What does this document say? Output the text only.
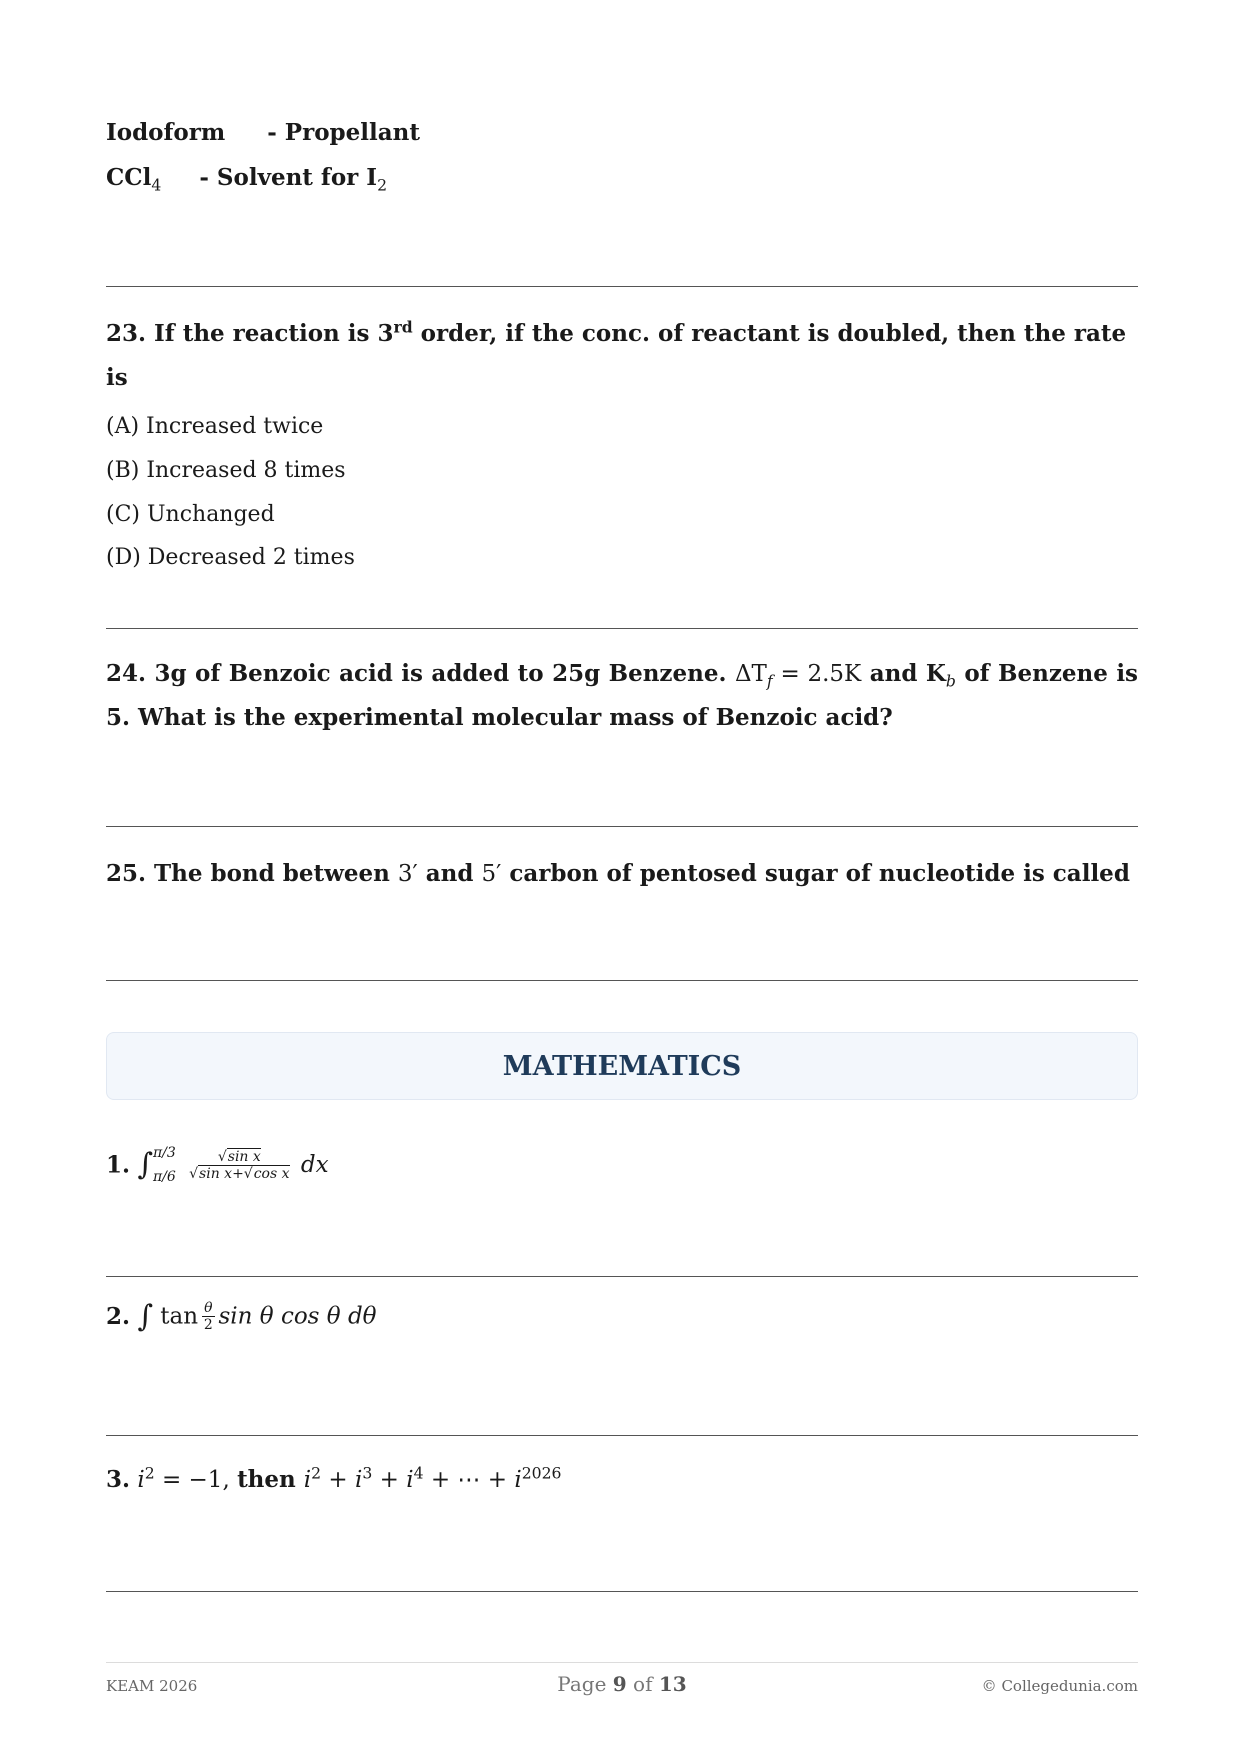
Iodoform - Propellant
CCl$_4$ - Solvent for $I_2$
23. If the reaction is 3rd order, if the conc. of reactant is doubled, then the rate is
(A) Increased twice
(B) Increased 8 times
(C) Unchanged
(D) Decreased 2 times
24. 3g of Benzoic acid is added to 25g Benzene. $\Delta T_f = 2.5K$ and $K_b$ of Benzene is 5. What is the experimental molecular mass of Benzoic acid?
25. The bond between 3′ and 5′ carbon of pentosed sugar of nucleotide is called
MATHEMATICS
1. ∫ π/3
π/6
$\frac{\text{√sin x}}{\text{√sin x+√cos x}}$ dx
2. ∫ $\tan \frac{\theta}{2}$ sin θ cos θ dθ
3. $i^2 = -1$, then $i^2 + i^3 + i^4$ + ⋯ + $i^{2026}$
KEAM 2026	Page 9 of 13	© Collegedunia.com
